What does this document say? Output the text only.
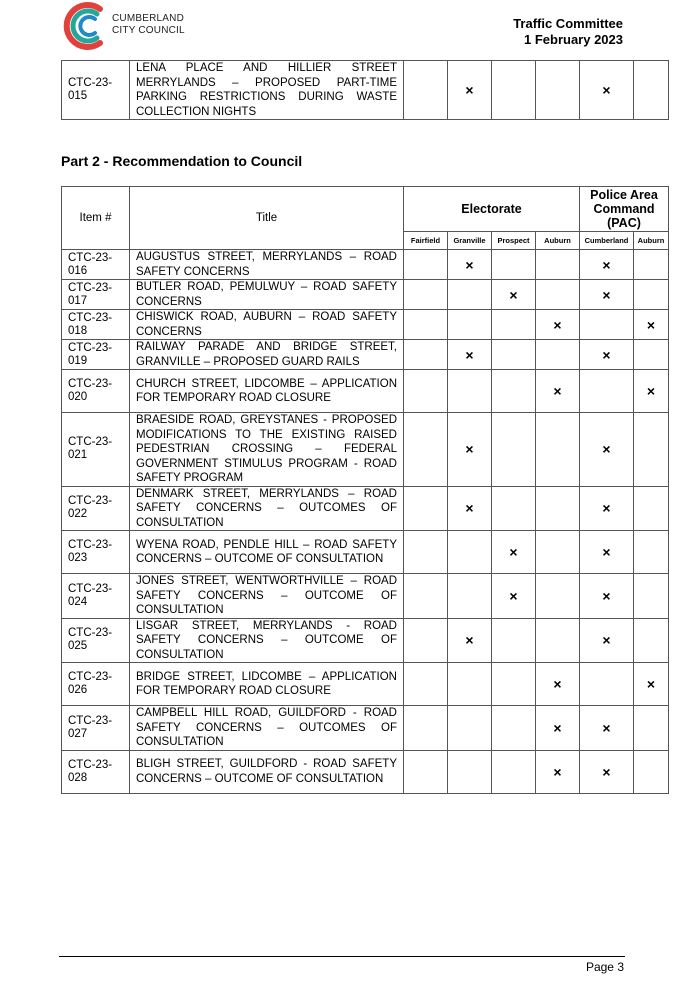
CUMBERLAND
CITY COUNCIL	Traffic Committee
1 February 2023
CTC-23-015	LENA PLACE AND HILLIER STREET MERRYLANDS – PROPOSED PART-TIME PARKING RESTRICTIONS DURING WASTE COLLECTION NIGHTS		×			×	
Part 2 - Recommendation to Council
Item #	Title	Electorate				Police Area Command (PAC)	
		Fairfield	Granville	Prospect	Auburn	Cumberland	Auburn
CTC-23-016	AUGUSTUS STREET, MERRYLANDS – ROAD SAFETY CONCERNS		×			×	
CTC-23-017	BUTLER ROAD, PEMULWUY – ROAD SAFETY CONCERNS			×		×	
CTC-23-018	CHISWICK ROAD, AUBURN – ROAD SAFETY CONCERNS				×		×
CTC-23-019	RAILWAY PARADE AND BRIDGE STREET, GRANVILLE – PROPOSED GUARD RAILS		×			×	
CTC-23-020	CHURCH STREET, LIDCOMBE – APPLICATION FOR TEMPORARY ROAD CLOSURE				×		×
CTC-23-021	BRAESIDE ROAD, GREYSTANES - PROPOSED MODIFICATIONS TO THE EXISTING RAISED PEDESTRIAN CROSSING – FEDERAL GOVERNMENT STIMULUS PROGRAM - ROAD SAFETY PROGRAM		×			×	
CTC-23-022	DENMARK STREET, MERRYLANDS – ROAD SAFETY CONCERNS – OUTCOMES OF CONSULTATION		×			×	
CTC-23-023	WYENA ROAD, PENDLE HILL – ROAD SAFETY CONCERNS – OUTCOME OF CONSULTATION			×		×	
CTC-23-024	JONES STREET, WENTWORTHVILLE – ROAD SAFETY CONCERNS – OUTCOME OF CONSULTATION			×		×	
CTC-23-025	LISGAR STREET, MERRYLANDS - ROAD SAFETY CONCERNS – OUTCOME OF CONSULTATION		×			×	
CTC-23-026	BRIDGE STREET, LIDCOMBE – APPLICATION FOR TEMPORARY ROAD CLOSURE				×		×
CTC-23-027	CAMPBELL HILL ROAD, GUILDFORD - ROAD SAFETY CONCERNS – OUTCOMES OF CONSULTATION				×	×	
CTC-23-028	BLIGH STREET, GUILDFORD - ROAD SAFETY CONCERNS – OUTCOME OF CONSULTATION				×	×	
Page 3
